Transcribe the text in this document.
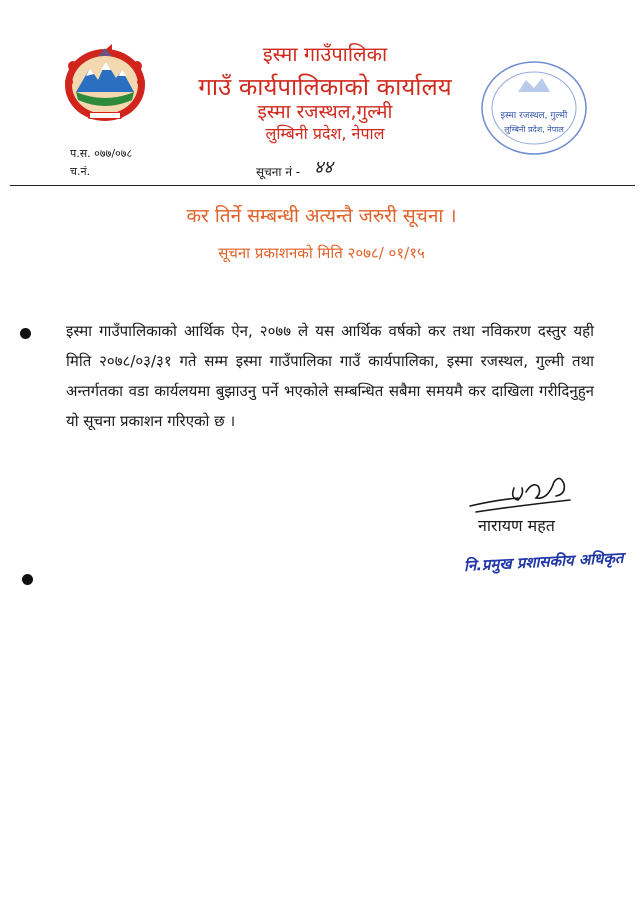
इस्मा गाउँपालिका
गाउँ कार्यपालिकाको कार्यालय
इस्मा रजस्थल,गुल्मी
लुम्बिनी प्रदेश, नेपाल
इस्मा रजस्थल, गुल्मी
लुम्बिनी प्रदेश, नेपाल
प.स. ०७७/०७८
च.नं.	सूचना नं - ४४
कर तिर्ने सम्बन्धी अत्यन्तै जरुरी सूचना ।
सूचना प्रकाशनको मिति २०७८/ ०१/१५
इस्मा गाउँपालिकाको आर्थिक ऐन, २०७७ ले यस आर्थिक वर्षको कर तथा नविकरण दस्तुर यही मिति २०७८/०३/३१ गते सम्म इस्मा गाउँपालिका गाउँ कार्यपालिका, इस्मा रजस्थल, गुल्मी तथा अन्तर्गतका वडा कार्यलयमा बुझाउनु पर्ने भएकोले सम्बन्धित सबैमा समयमै कर दाखिला गरीदिनुहुन यो सूचना प्रकाशन गरिएको छ ।
नारायण महत
नि.प्रमुख प्रशासकीय अधिकृत
